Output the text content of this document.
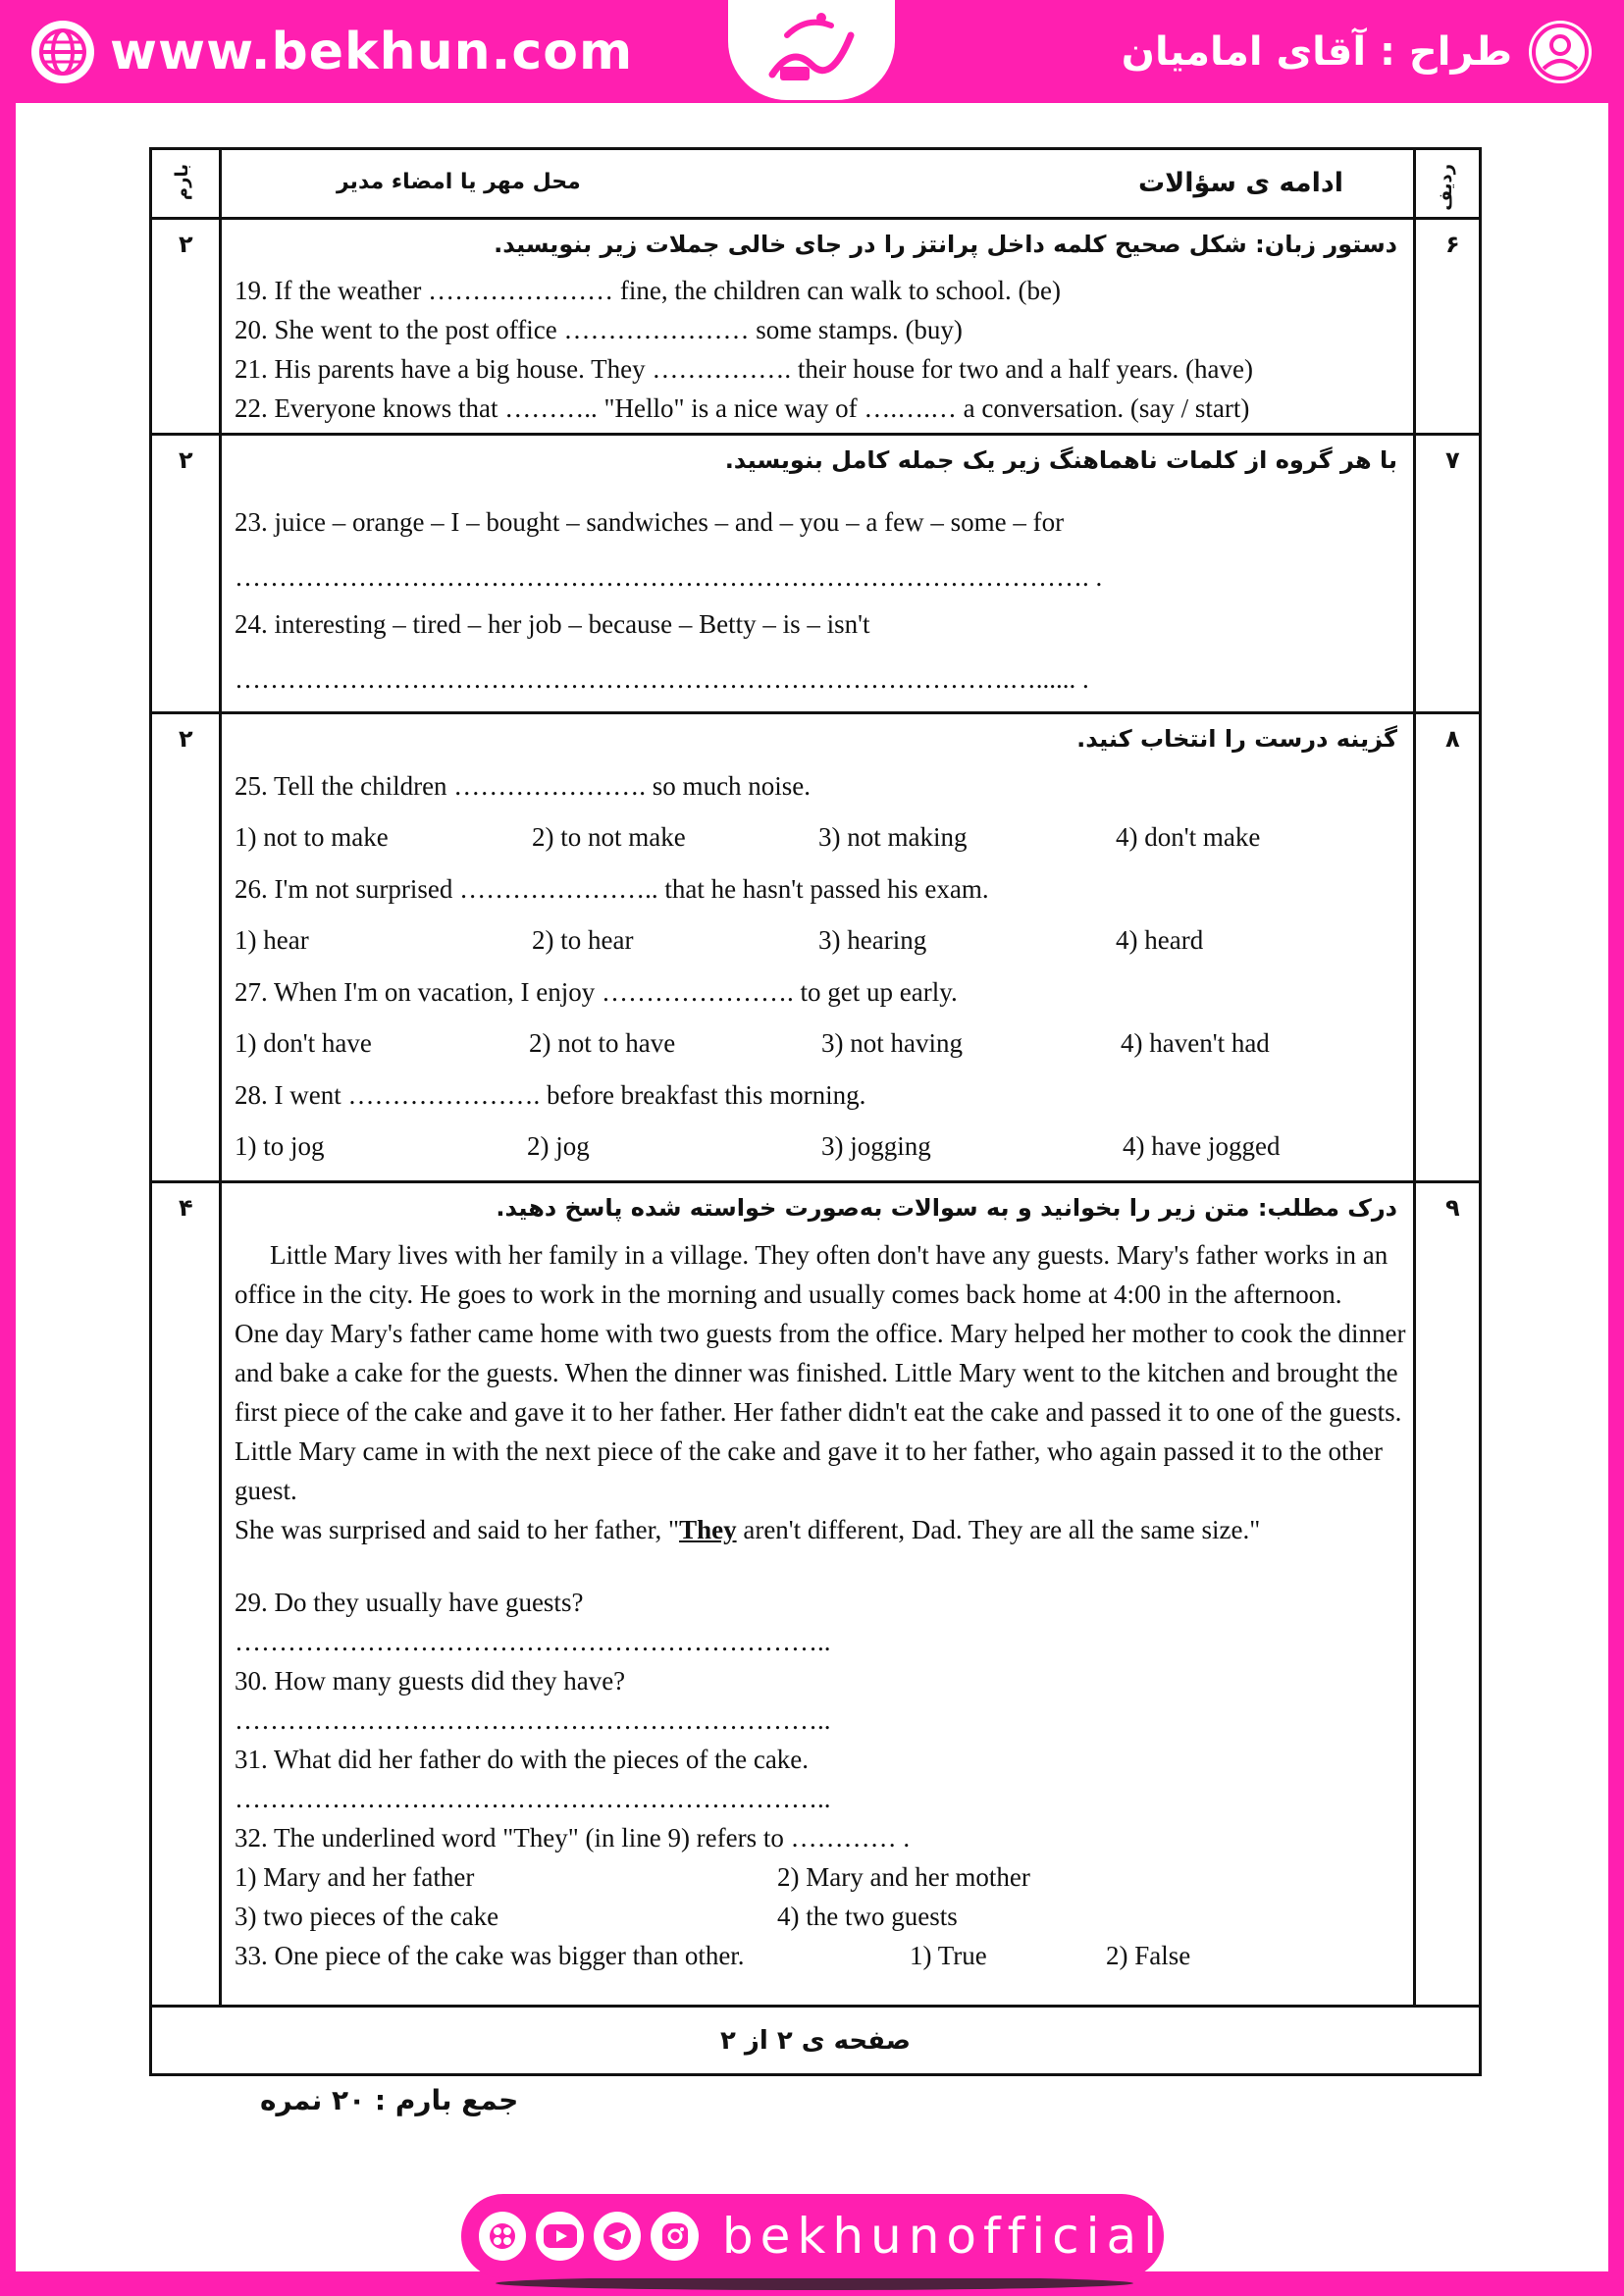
www.bekhun.com	طراح : آقای امامیان
بارم	ردیف
ادامه ی سؤالات
محل مهر یا امضاء مدیر
۲	۶
دستور زبان: شکل صحیح کلمه داخل پرانتز را در جای خالی جملات زیر بنویسید.
19. If the weather ………………… fine, the children can walk to school. (be)
20. She went to the post office ………………… some stamps. (buy)
21. His parents have a big house. They ……………. their house for two and a half years. (have)
22. Everyone knows that ……….. "Hello" is a nice way of ….….… a conversation. (say / start)
۲	۷
با هر گروه از کلمات ناهماهنگ زیر یک جمله کامل بنویسید.
23. juice – orange – I – bought – sandwiches – and – you – a few – some – for
……………………………………………………………………………………. .
24. interesting – tired – her job – because – Betty – is – isn't
…………………………………………………………………………….…...... .
۲	۸
گزینه درست را انتخاب کنید.
25. Tell the children …………………. so much noise.
1) not to make	2) to not make	3) not making	4) don't make
26. I'm not surprised ………………….. that he hasn't passed his exam.
1) hear	2) to hear	3) hearing	4) heard
27. When I'm on vacation, I enjoy …………………. to get up early.
1) don't have	2) not to have	3) not having	4) haven't had
28. I went …………………. before breakfast this morning.
1) to jog	2) jog	3) jogging	4) have jogged
۴	۹
درک مطلب: متن زیر را بخوانید و به سوالات به‌صورت خواسته شده پاسخ دهید.

Little Mary lives with her family in a village. They often don't have any guests. Mary's father works in an office in the city. He goes to work in the morning and usually comes back home at 4:00 in the afternoon.

One day Mary's father came home with two guests from the office. Mary helped her mother to cook the dinner and bake a cake for the guests. When the dinner was finished. Little Mary went to the kitchen and brought the first piece of the cake and gave it to her father. Her father didn't eat the cake and passed it to one of the guests. Little Mary came in with the next piece of the cake and gave it to her father, who again passed it to the other guest.

She was surprised and said to her father, "They aren't different, Dad. They are all the same size."

29. Do they usually have guests?
…………………………………………………………..
30. How many guests did they have?
…………………………………………………………..
31. What did her father do with the pieces of the cake.
…………………………………………………………..
32. The underlined word "They" (in line 9) refers to ………… .
1) Mary and her father	2) Mary and her mother
3) two pieces of the cake	4) the two guests
33. One piece of the cake was bigger than other.	1) True	2) False
صفحه ی ۲ از ۲
جمع بارم : ۲۰ نمره
bekhunofficial
